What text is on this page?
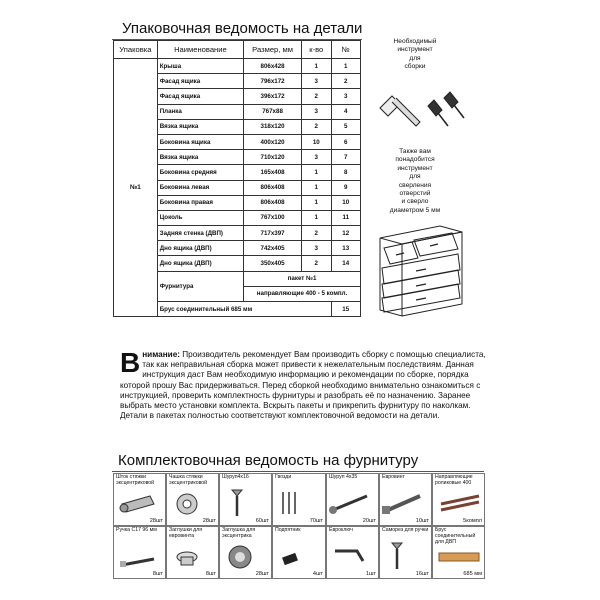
Упаковочная ведомость на детали
Упаковка	Наименование	Размер, мм	к-во	№
№1	Крыша	806х428	1	1
	Фасад ящика	796х172	3	2
	Фасад ящика	396х172	2	3
	Планка	767х88	3	4
	Вязка ящика	318х120	2	5
	Боковина ящика	400х120	10	6
	Вязка ящика	710х120	3	7
	Боковина средняя	165х408	1	8
	Боковина левая	806х408	1	9
	Боковина правая	806х408	1	10
	Цоколь	767х100	1	11
	Задняя стенка (ДВП)	717х397	2	12
	Дно ящика (ДВП)	742х405	3	13
	Дно ящика (ДВП)	350х405	2	14
	Фурнитура	пакет №1		
		направляющие 400 - 5 компл.		
	Брус соединительный 685 мм			15
Необходимый
инструмент
для
сборки
Также вам
понадобится
инструмент
для
сверления
отверстий
и сверло
диаметром 5 мм
Внимание: Производитель рекомендует Вам производить сборку с помощью специалиста, так как неправильная сборка может привести к нежелательным последствиям. Данная инструкция даст Вам необходимую информацию и рекомендации по сборке, порядка которой прошу Вас придерживаться. Перед сборкой необходимо внимательно ознакомиться с инструкцией, проверить комплектность фурнитуры и разобрать её по назначению. Заранее выбрать место установки комплекта. Вскрыть пакеты и прикрепить фурнитуру по наколкам. Детали в пакетах полностью соответствуют комплектовочной ведомости на детали.
Комплектовочная ведомость на фурнитуру
Шток стяжки эксцентриковой
28шт
Чашка стяжки эксцентриковой
28шт
Шуруп4х16
60шт
Гвозди
70шт
Шуруп 4х35
20шт
Евровинт
10шт
Направляющие роликовые 400
5компл
Ручка С17 96 мм
8шт
Заглушки для евровинта
8шт
Заглушка для эксцентрика
28шт
Подпятник
4шт
Евроключ
1шт
Саморез для ручки
16шт
Брус соединительный для ДВП
685 мм
